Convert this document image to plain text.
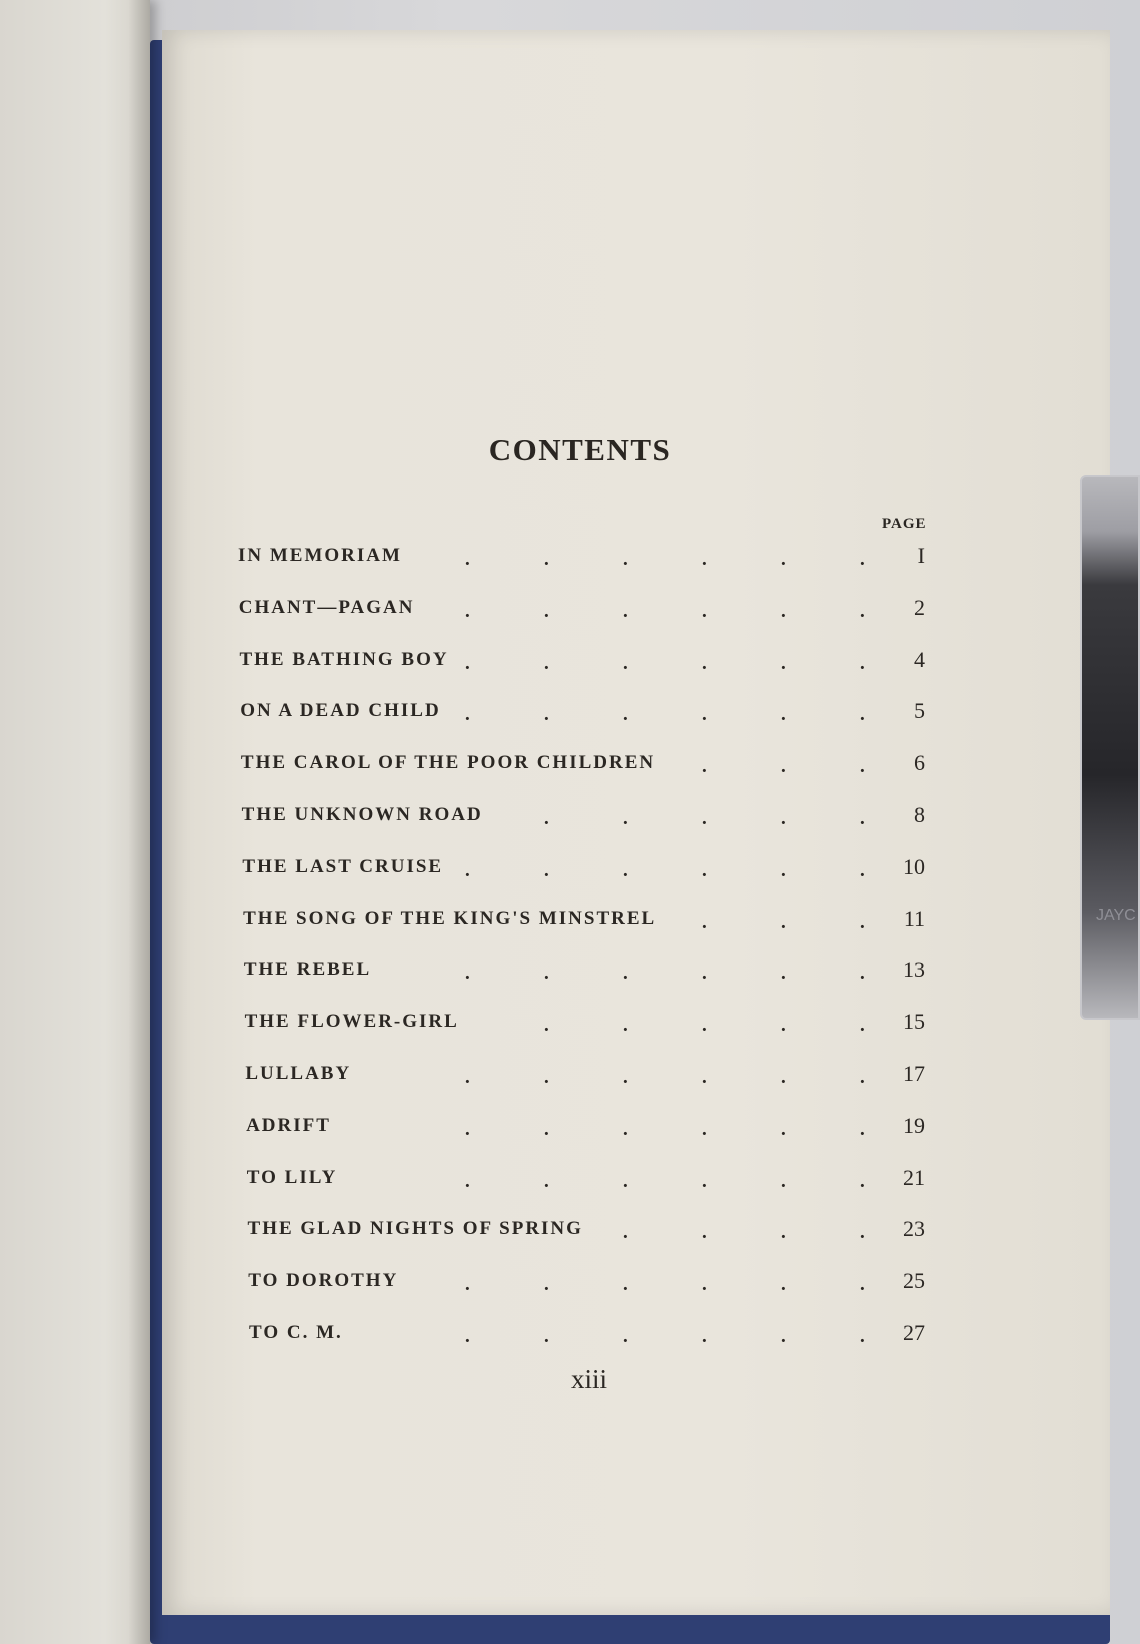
JAYC
CONTENTS
PAGE
IN MEMORIAM	I
.	.	.	.	.	.
CHANT—PAGAN	2
.	.	.	.	.	.
THE BATHING BOY	4
.	.	.	.	.	.
ON A DEAD CHILD	5
.	.	.	.	.	.
THE CAROL OF THE POOR CHILDREN	6
.	.	.
THE UNKNOWN ROAD	8
.	.	.	.	.
THE LAST CRUISE	10
.	.	.	.	.	.
THE SONG OF THE KING'S MINSTREL	11
.	.	.
THE REBEL	13
.	.	.	.	.	.
THE FLOWER-GIRL	15
.	.	.	.	.
LULLABY	17
.	.	.	.	.	.
ADRIFT	19
.	.	.	.	.	.
TO LILY	21
.	.	.	.	.	.
THE GLAD NIGHTS OF SPRING	23
.	.	.	.
TO DOROTHY	25
.	.	.	.	.	.
TO C. M.	27
.	.	.	.	.	.
xiii
